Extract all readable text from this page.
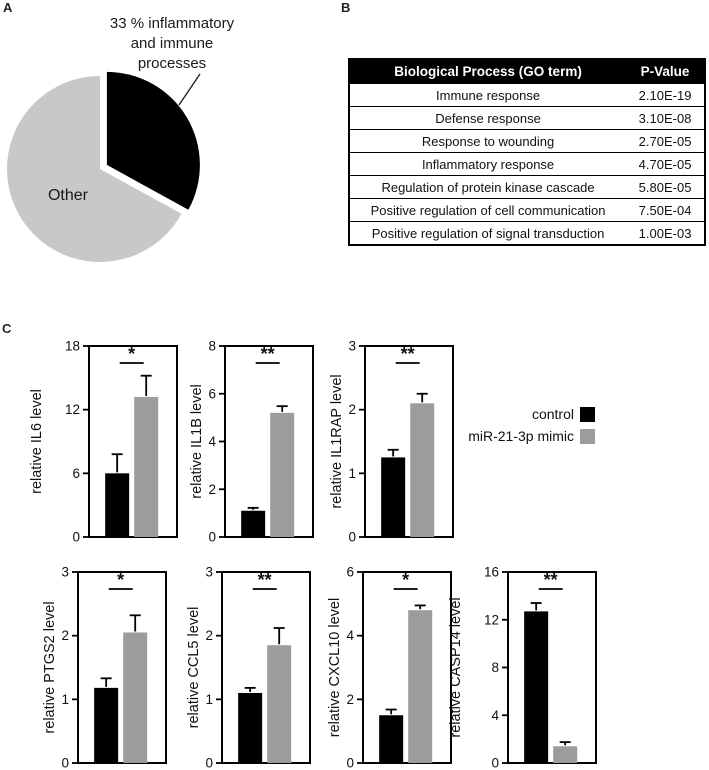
A	B
C
33 % inflammatory
and immune
processes
Other
Biological Process (GO term)	P-Value
Immune response	2.10E-19
Defense response	3.10E-08
Response to wounding	2.70E-05
Inflammatory response	4.70E-05
Regulation of protein kinase cascade	5.80E-05
Positive regulation of cell communication	7.50E-04
Positive regulation of signal transduction	1.00E-03
control
miR-21-3p mimic
0
6
12
18
relative IL6 level
*
0
2
4
6
8
relative IL1B level
**
0
1
2
3
relative IL1RAP level
**
0
1
2
3
relative PTGS2 level
*
0
1
2
3
relative CCL5 level
**
0
2
4
6
relative CXCL10 level
*
0
4
8
12
16
relative CASP14 level
**
